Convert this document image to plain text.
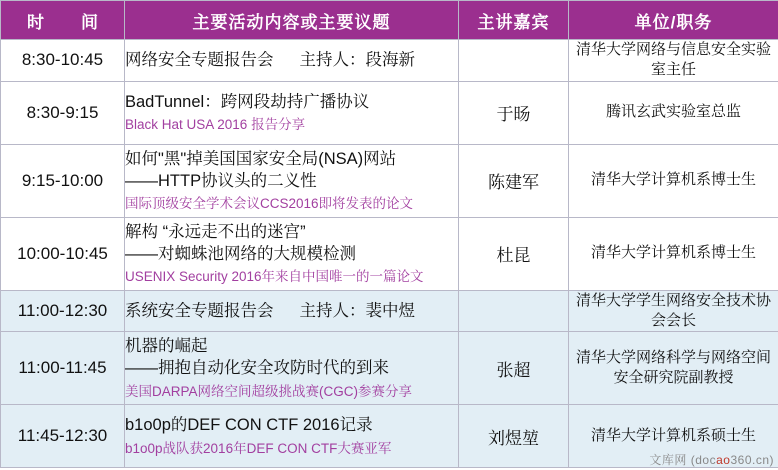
时　间	主要活动内容或主要议题	主讲嘉宾	单位/职务
8:30-10:45	网络安全专题报告会 主持人：段海新		清华大学网络与信息安全实验室主任
8:30-9:15	BadTunnel：跨网段劫持广播协议
Black Hat USA 2016 报告分享	于旸	腾讯玄武实验室总监
9:15-10:00	如何"黑"掉美国国家安全局(NSA)网站
——HTTP协议头的二义性
国际顶级安全学术会议CCS2016即将发表的论文	陈建军	清华大学计算机系博士生
10:00-10:45	解构 “永远走不出的迷宫”
——对蜘蛛池网络的大规模检测
USENIX Security 2016年来自中国唯一的一篇论文	杜昆	清华大学计算机系博士生
11:00-12:30	系统安全专题报告会 主持人：裴中煜		清华大学学生网络安全技术协会会长
11:00-11:45	机器的崛起
——拥抱自动化安全攻防时代的到来
美国DARPA网络空间超级挑战赛(CGC)参赛分享	张超	清华大学网络科学与网络空间安全研究院副教授
11:45-12:30	b1o0p的DEF CON CTF 2016记录
b1o0p战队获2016年DEF CON CTF大赛亚军	刘煜堃	清华大学计算机系硕士生
文库网 (docao360.cn)
